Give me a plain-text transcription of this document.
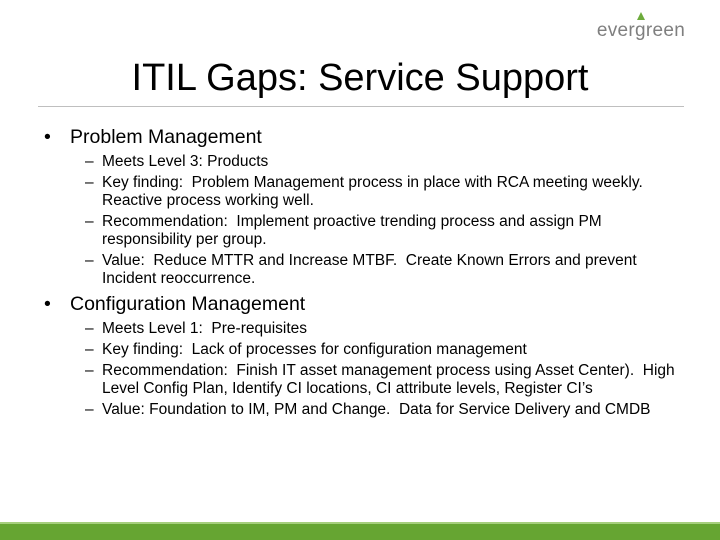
evergreen
ITIL Gaps: Service Support
• Problem Management
– Meets Level 3: Products
– Key finding:  Problem Management process in place with RCA meeting weekly.  Reactive process working well.
– Recommendation:  Implement proactive trending process and assign PM responsibility per group.
– Value:  Reduce MTTR and Increase MTBF.  Create Known Errors and prevent Incident reoccurrence.
• Configuration Management
– Meets Level 1:  Pre-requisites
– Key finding:  Lack of processes for configuration management
– Recommendation:  Finish IT asset management process using Asset Center).  High Level Config Plan, Identify CI locations, CI attribute levels, Register CI’s
– Value: Foundation to IM, PM and Change.  Data for Service Delivery and CMDB
